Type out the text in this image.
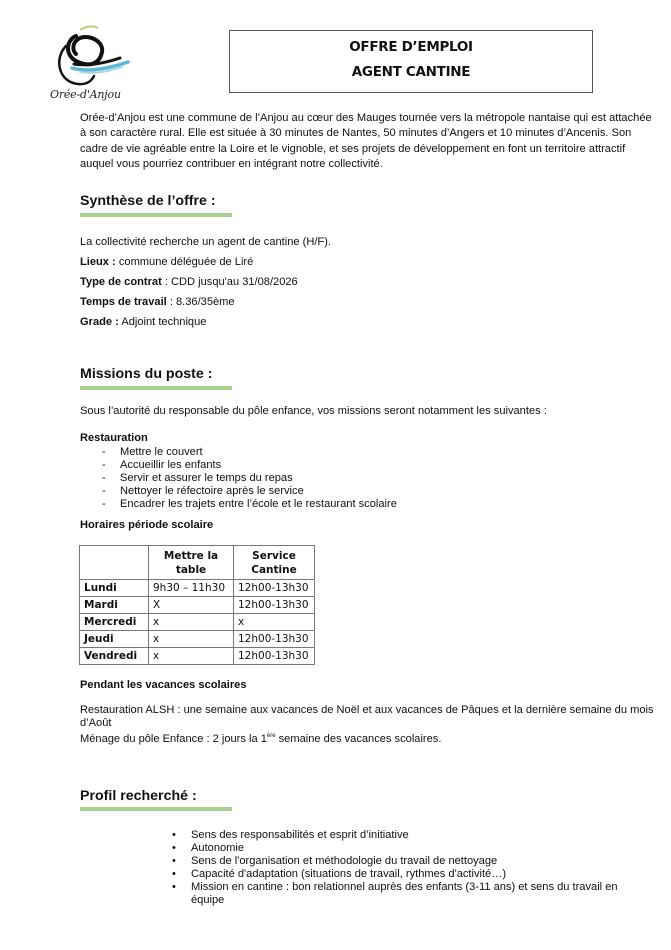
Orée-d'Anjou
OFFRE D’EMPLOI
AGENT CANTINE
Orée-d’Anjou est une commune de l’Anjou au cœur des Mauges tournée vers la métropole nantaise qui est attachée à son caractère rural. Elle est située à 30 minutes de Nantes, 50 minutes d’Angers et 10 minutes d’Ancenis. Son cadre de vie agréable entre la Loire et le vignoble, et ses projets de développement en font un territoire attractif auquel vous pourriez contribuer en intégrant notre collectivité.
Synthèse de l’offre :
La collectivité recherche un agent de cantine (H/F).
Lieux : commune déléguée de Liré
Type de contrat : CDD jusqu'au 31/08/2026
Temps de travail : 8.36/35ème
Grade : Adjoint technique
Missions du poste :
Sous l’autorité du responsable du pôle enfance, vos missions seront notamment les suivantes :
Restauration
- Mettre le couvert
- Accueillir les enfants
- Servir et assurer le temps du repas
- Nettoyer le réfectoire après le service
- Encadrer les trajets entre l’école et le restaurant scolaire
Horaires période scolaire
	Mettre la table	Service Cantine
Lundi	9h30 – 11h30	12h00-13h30
Mardi	X	12h00-13h30
Mercredi	x	x
Jeudi	x	12h00-13h30
Vendredi	x	12h00-13h30
Pendant les vacances scolaires
Restauration ALSH : une semaine aux vacances de Noël et aux vacances de Pâques et la dernière semaine du mois d’Août
Ménage du pôle Enfance : 2 jours la 1ère semaine des vacances scolaires.
Profil recherché :
• Sens des responsabilités et esprit d’initiative
• Autonomie
• Sens de l'organisation et méthodologie du travail de nettoyage
• Capacité d'adaptation (situations de travail, rythmes d'activité…)
• Mission en cantine : bon relationnel auprès des enfants (3-11 ans) et sens du travail en équipe
